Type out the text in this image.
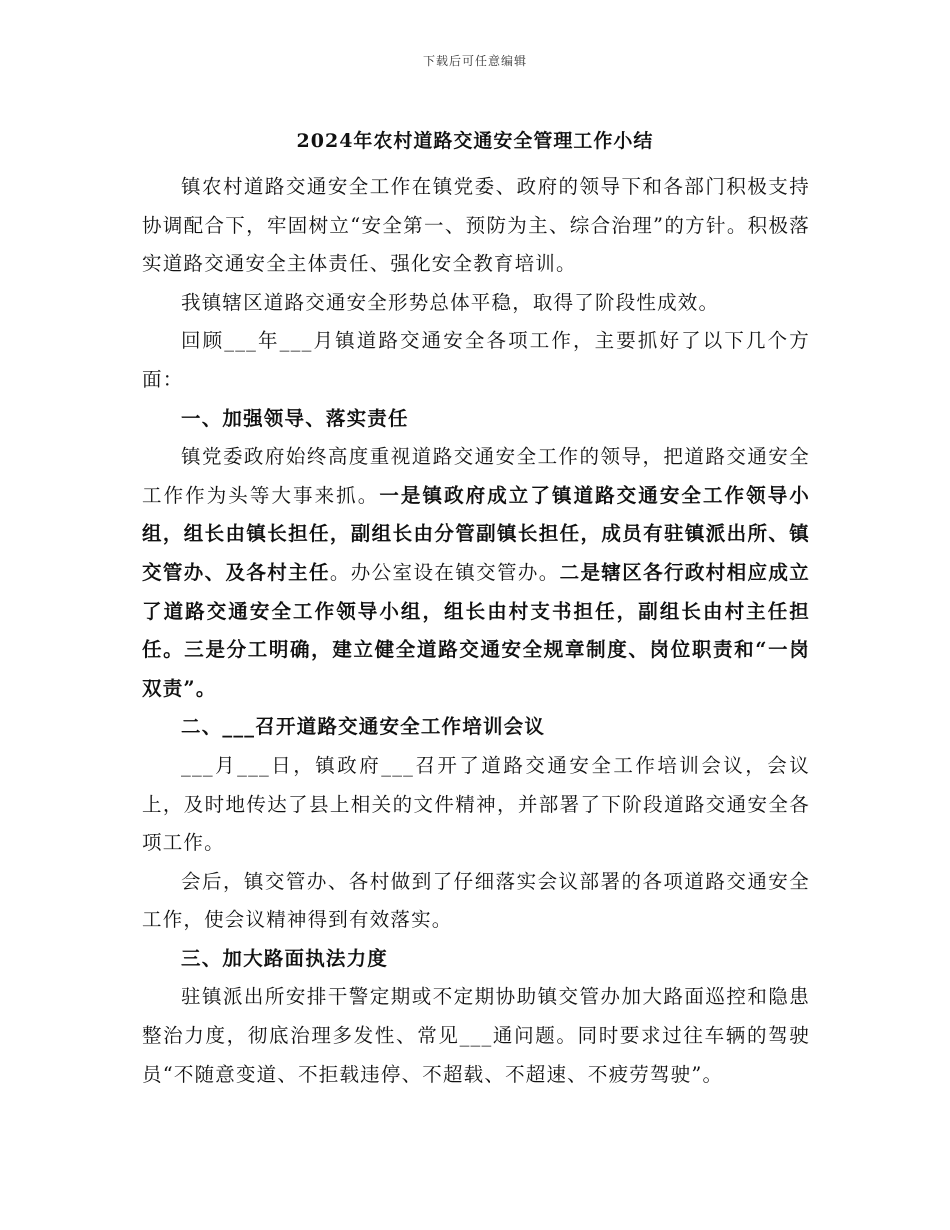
下载后可任意编辑
2024年农村道路交通安全管理工作小结

镇农村道路交通安全工作在镇党委、政府的领导下和各部门积极支持协调配合下，牢固树立“安全第一、预防为主、综合治理”的方针。积极落实道路交通安全主体责任、强化安全教育培训。

我镇辖区道路交通安全形势总体平稳，取得了阶段性成效。

回顾___年___月镇道路交通安全各项工作，主要抓好了以下几个方面：

一、加强领导、落实责任

镇党委政府始终高度重视道路交通安全工作的领导，把道路交通安全工作作为头等大事来抓。一是镇政府成立了镇道路交通安全工作领导小组，组长由镇长担任，副组长由分管副镇长担任，成员有驻镇派出所、镇交管办、及各村主任。办公室设在镇交管办。二是辖区各行政村相应成立了道路交通安全工作领导小组，组长由村支书担任，副组长由村主任担任。三是分工明确，建立健全道路交通安全规章制度、岗位职责和“一岗双责”。

二、___召开道路交通安全工作培训会议

___月___日，镇政府___召开了道路交通安全工作培训会议，会议上，及时地传达了县上相关的文件精神，并部署了下阶段道路交通安全各项工作。

会后，镇交管办、各村做到了仔细落实会议部署的各项道路交通安全工作，使会议精神得到有效落实。

三、加大路面执法力度

驻镇派出所安排干警定期或不定期协助镇交管办加大路面巡控和隐患整治力度，彻底治理多发性、常见___通问题。同时要求过往车辆的驾驶员“不随意变道、不拒载违停、不超载、不超速、不疲劳驾驶”。
